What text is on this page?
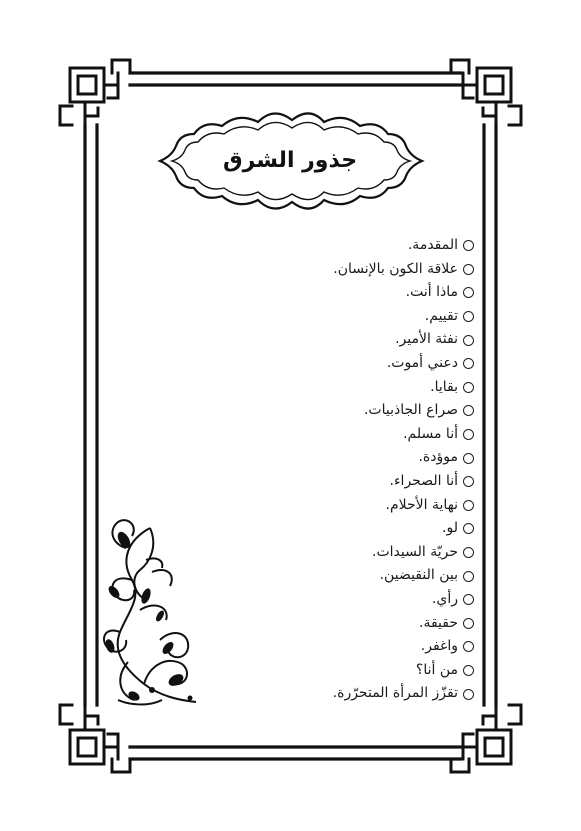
جذور الشرق
المقدمة.
علاقة الكون بالإنسان.
ماذا أنت.
تقييم.
نفثة الأمير.
دعني أموت.
بقايا.
صراع الجاذبيات.
أنا مسلم.
موؤدة.
أنا الصحراء.
نهاية الأحلام.
لو.
حريّة السيدات.
بين النقيضين.
رأي.
حقيقة.
واغفر.
من أنا؟
تقزّز المرأة المتحرّرة.
